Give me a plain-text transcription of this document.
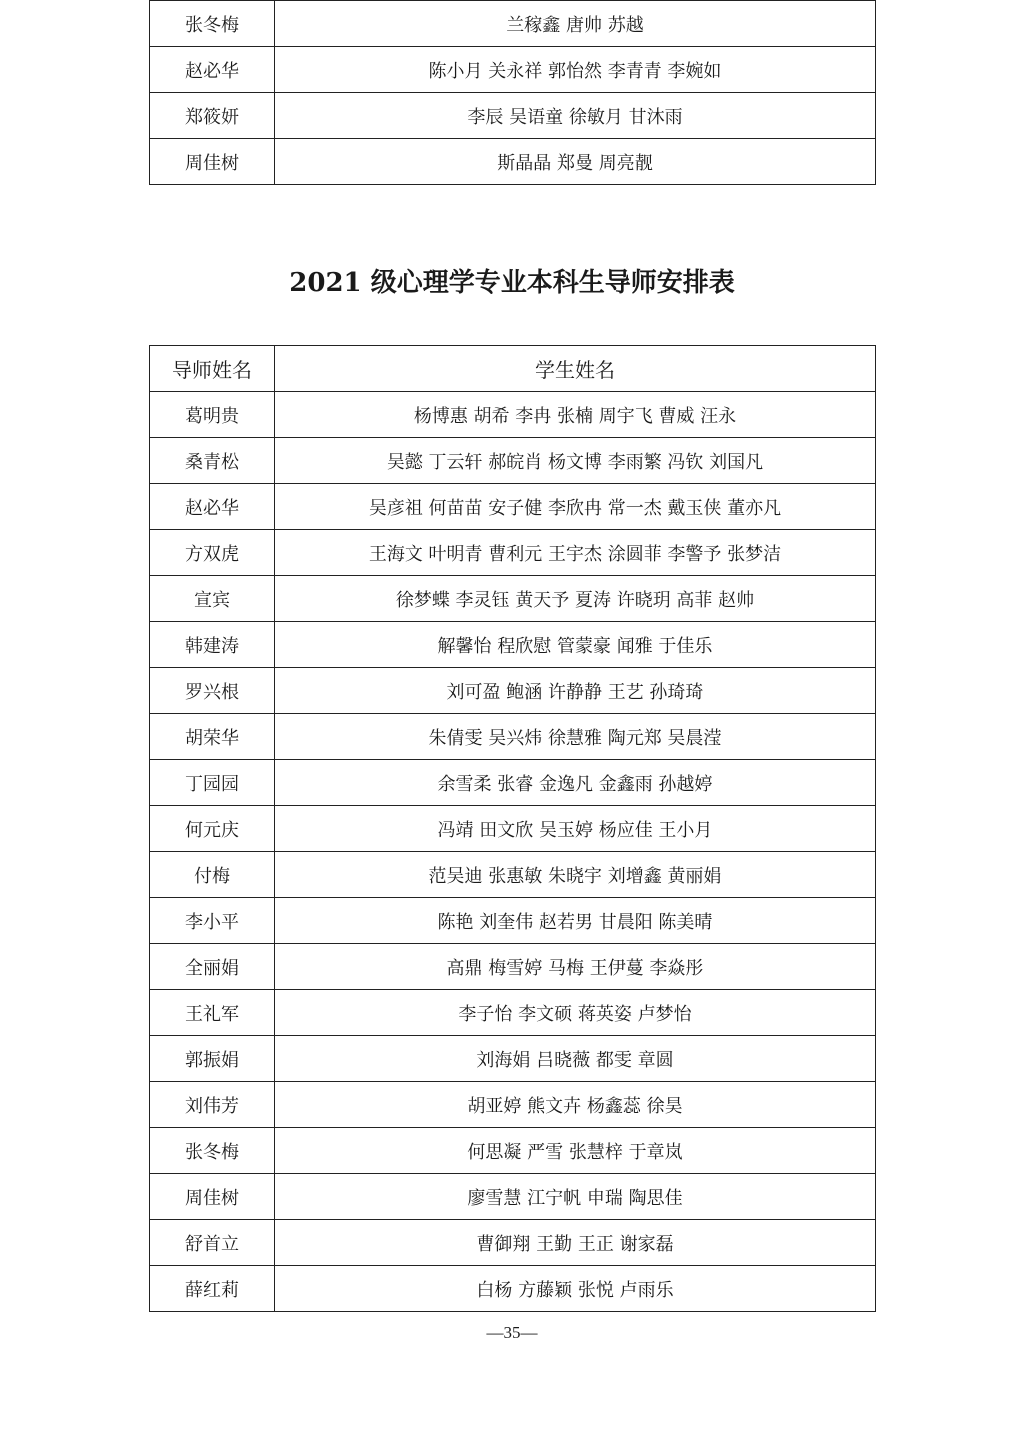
张冬梅	兰稼鑫 唐帅 苏越
赵必华	陈小月 关永祥 郭怡然 李青青 李婉如
郑筱妍	李辰 吴语童 徐敏月 甘沐雨
周佳树	斯晶晶 郑曼 周亮靓
2021 级心理学专业本科生导师安排表
导师姓名	学生姓名
葛明贵	杨博惠 胡希 李冉 张楠 周宇飞 曹威 汪永
桑青松	吴懿 丁云轩 郝皖肖 杨文博 李雨繁 冯钦 刘国凡
赵必华	吴彦祖 何苗苗 安子健 李欣冉 常一杰 戴玉侠 董亦凡
方双虎	王海文 叶明青 曹利元 王宇杰 涂圆菲 李警予 张梦洁
宣宾	徐梦蝶 李灵钰 黄天予 夏涛 许晓玥 高菲 赵帅
韩建涛	解馨怡 程欣慰 管蒙豪 闻雅 于佳乐
罗兴根	刘可盈 鲍涵 许静静 王艺 孙琦琦
胡荣华	朱倩雯 吴兴炜 徐慧雅 陶元郑 吴晨滢
丁园园	余雪柔 张睿 金逸凡 金鑫雨 孙越婷
何元庆	冯靖 田文欣 吴玉婷 杨应佳 王小月
付梅	范吴迪 张惠敏 朱晓宇 刘增鑫 黄丽娟
李小平	陈艳 刘奎伟 赵若男 甘晨阳 陈美晴
全丽娟	高鼎 梅雪婷 马梅 王伊蔓 李焱彤
王礼军	李子怡 李文硕 蒋英姿 卢梦怡
郭振娟	刘海娟 吕晓薇 都雯 章圆
刘伟芳	胡亚婷 熊文卉 杨鑫蕊 徐昊
张冬梅	何思凝 严雪 张慧梓 于章岚
周佳树	廖雪慧 江宁帆 申瑞 陶思佳
舒首立	曹御翔 王勤 王正 谢家磊
薛红莉	白杨 方藤颖 张悦 卢雨乐
—35—
